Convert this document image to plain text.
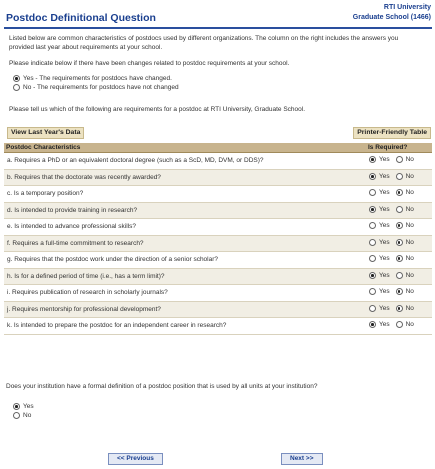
Postdoc Definitional Question
RTI University
Graduate School (1466)
Listed below are common characteristics of postdocs used by different organizations. The column on the right includes the answers you provided last year about requirements at your school.
Please indicate below if there have been changes related to postdoc requirements at your school.
Yes - The requirements for postdocs have changed.
No - The requirements for postdocs have not changed
Please tell us which of the following are requirements for a postdoc at RTI University, Graduate School.
View Last Year's Data	Printer-Friendly Table
Postdoc Characteristics	Is Required?
a. Requires a PhD or an equivalent doctoral degree (such as a ScD, MD, DVM, or DDS)?	Yes No

b. Requires that the doctorate was recently awarded?	Yes No

c. Is a temporary position?	Yes No

d. Is intended to provide training in research?	Yes No

e. Is intended to advance professional skills?	Yes No

f. Requires a full-time commitment to research?	Yes No

g. Requires that the postdoc work under the direction of a senior scholar?	Yes No

h. Is for a defined period of time (i.e., has a term limit)?	Yes No

i. Requires publication of research in scholarly journals?	Yes No

j. Requires mentorship for professional development?	Yes No

k. Is intended to prepare the postdoc for an independent career in research?	Yes No
Does your institution have a formal definition of a postdoc position that is used by all units at your institution?
Yes
No
<< Previous	Next >>
